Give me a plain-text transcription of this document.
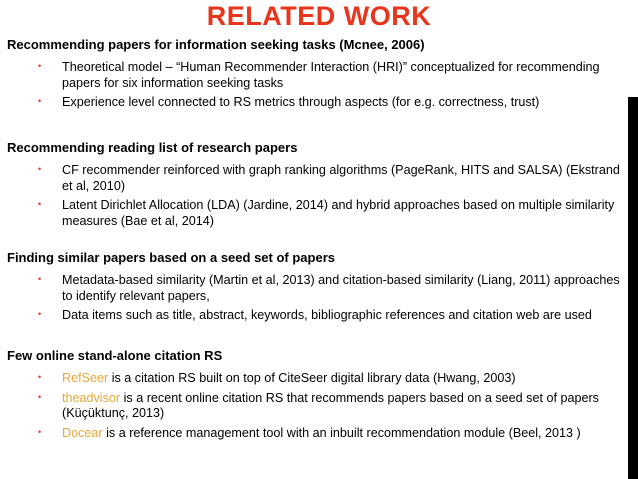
RELATED WORK
Recommending papers for information seeking tasks (Mcnee, 2006)
• Theoretical model – “Human Recommender Interaction (HRI)” conceptualized for recommending papers for six information seeking tasks
• Experience level connected to RS metrics through aspects (for e.g. correctness, trust)
Recommending reading list of research papers
• CF recommender reinforced with graph ranking algorithms (PageRank, HITS and SALSA) (Ekstrand et al, 2010)
• Latent Dirichlet Allocation (LDA) (Jardine, 2014) and hybrid approaches based on multiple similarity measures (Bae et al, 2014)
Finding similar papers based on a seed set of papers
• Metadata-based similarity (Martin et al, 2013) and citation-based similarity (Liang, 2011) approaches to identify relevant papers,
• Data items such as title, abstract, keywords, bibliographic references and citation web are used
Few online stand-alone citation RS
• RefSeer is a citation RS built on top of CiteSeer digital library data (Hwang, 2003)
• theadvisor is a recent online citation RS that recommends papers based on a seed set of papers (Küçüktunç, 2013)
• Docear is a reference management tool with an inbuilt recommendation module (Beel, 2013 )
